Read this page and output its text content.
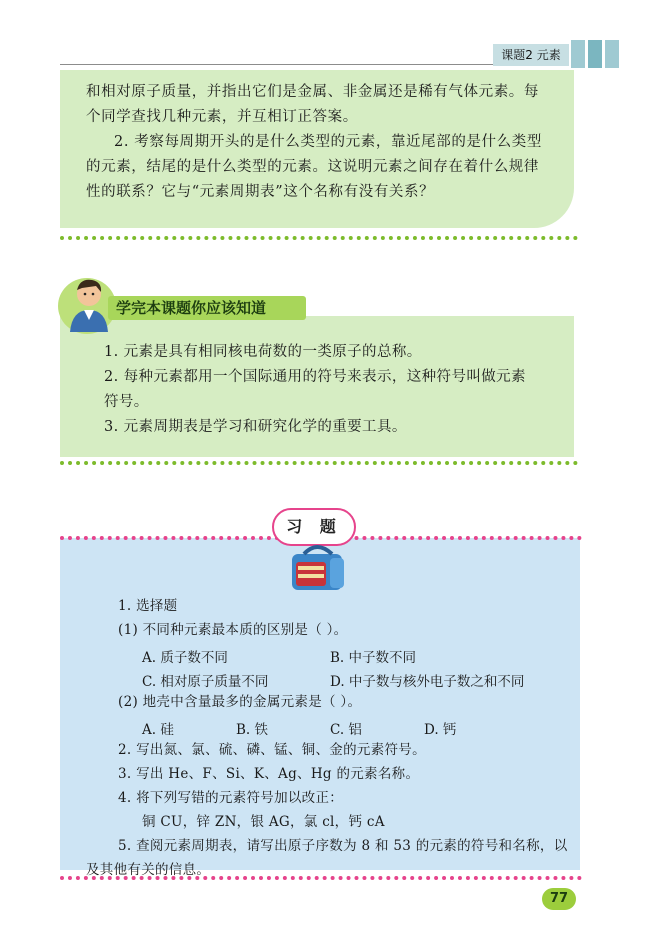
课题2 元素

和相对原子质量，并指出它们是金属、非金属还是稀有气体元素。每

个同学查找几种元素，并互相订正答案。

2. 考察每周期开头的是什么类型的元素，靠近尾部的是什么类型

的元素，结尾的是什么类型的元素。这说明元素之间存在着什么规律

性的联系？它与“元素周期表”这个名称有没有关系？

学完本课题你应该知道

1. 元素是具有相同核电荷数的一类原子的总称。

2. 每种元素都用一个国际通用的符号来表示，这种符号叫做元素

符号。

3. 元素周期表是学习和研究化学的重要工具。

习 题

1. 选择题

(1) 不同种元素最本质的区别是（ ）。

A. 质子数不同	B. 中子数不同
C. 相对原子质量不同	D. 中子数与核外电子数之和不同

(2) 地壳中含量最多的金属元素是（ ）。

A. 硅	B. 铁	C. 铝	D. 钙

2. 写出氮、氯、硫、磷、锰、铜、金的元素符号。

3. 写出 He、F、Si、K、Ag、Hg 的元素名称。

4. 将下列写错的元素符号加以改正：

铜 CU，锌 ZN，银 AG，氯 cl，钙 cA

5. 查阅元素周期表，请写出原子序数为 8 和 53 的元素的符号和名称，以

及其他有关的信息。

77
